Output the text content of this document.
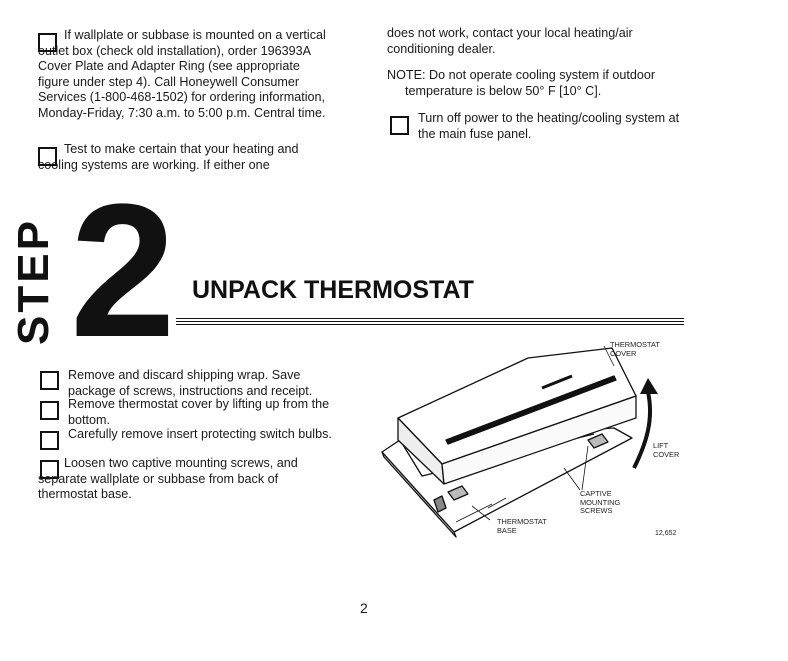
If wallplate or subbase is mounted on a vertical outlet box (check old installation), order 196393A Cover Plate and Adapter Ring (see appropriate figure under step 4). Call Honeywell Consumer Services (1-800-468-1502) for ordering information, Monday-Friday, 7:30 a.m. to 5:00 p.m. Central time.

Test to make certain that your heating and cooling systems are working. If either one

does not work, contact your local heating/air conditioning dealer.

NOTE: Do not operate cooling system if outdoor
temperature is below 50° F [10° C].

Turn off power to the heating/cooling system at the main fuse panel.

STEP 2 UNPACK THERMOSTAT

Remove and discard shipping wrap. Save package of screws, instructions and receipt.

Remove thermostat cover by lifting up from the bottom.

Carefully remove insert protecting switch bulbs.

Loosen two captive mounting screws, and separate wallplate or subbase from back of thermostat base.

THERMOSTAT
COVER
LIFT
COVER
CAPTIVE
MOUNTING
SCREWS
THERMOSTAT
BASE	12,652
2
